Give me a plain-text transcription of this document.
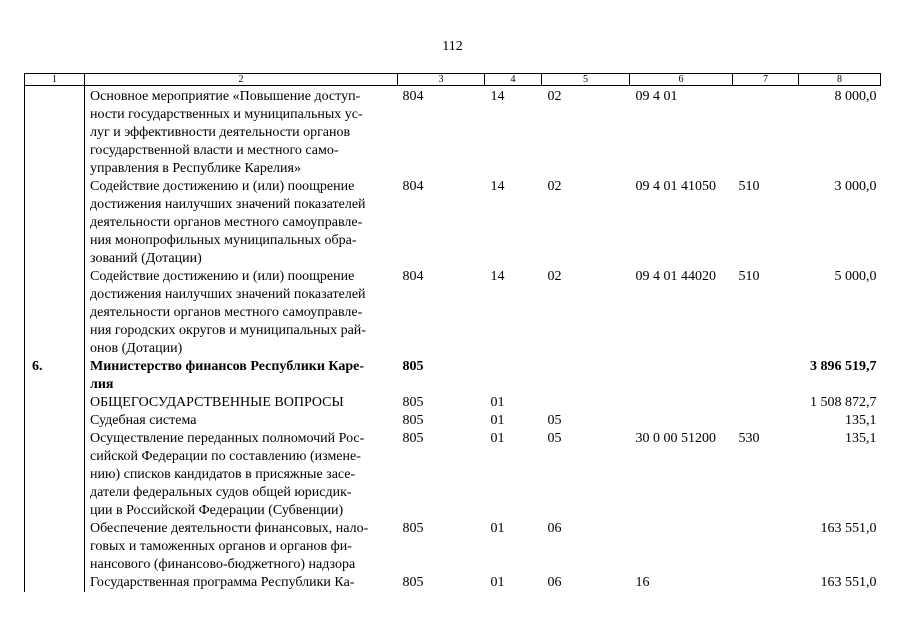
112
1	2	3	4	5	6	7	8

	Основное мероприятие «Повышение доступ-
ности государственных и муниципальных ус-
луг и эффективности деятельности органов
государственной власти и местного само-
управления в Республике Карелия»	804	14	02	09 4 01		8 000,0

	Содействие достижению и (или) поощрение
достижения наилучших значений показателей
деятельности органов местного самоуправле-
ния монопрофильных муниципальных обра-
зований (Дотации)	804	14	02	09 4 01 41050	510	3 000,0

	Содействие достижению и (или) поощрение
достижения наилучших значений показателей
деятельности органов местного самоуправле-
ния городских округов и муниципальных рай-
онов (Дотации)	804	14	02	09 4 01 44020	510	5 000,0
6.	Министерство финансов Республики Каре-
лия	805					3 896 519,7

	ОБЩЕГОСУДАРСТВЕННЫЕ ВОПРОСЫ	805	01				1 508 872,7

	Судебная система	805	01	05			135,1

	Осуществление переданных полномочий Рос-
сийской Федерации по составлению (измене-
нию) списков кандидатов в присяжные засе-
датели федеральных судов общей юрисдик-
ции в Российской Федерации (Субвенции)	805	01	05	30 0 00 51200	530	135,1

	Обеспечение деятельности финансовых, нало-
говых и таможенных органов и органов фи-
нансового (финансово-бюджетного) надзора	805	01	06			163 551,0

	Государственная программа Республики Ка-	805	01	06	16		163 551,0
